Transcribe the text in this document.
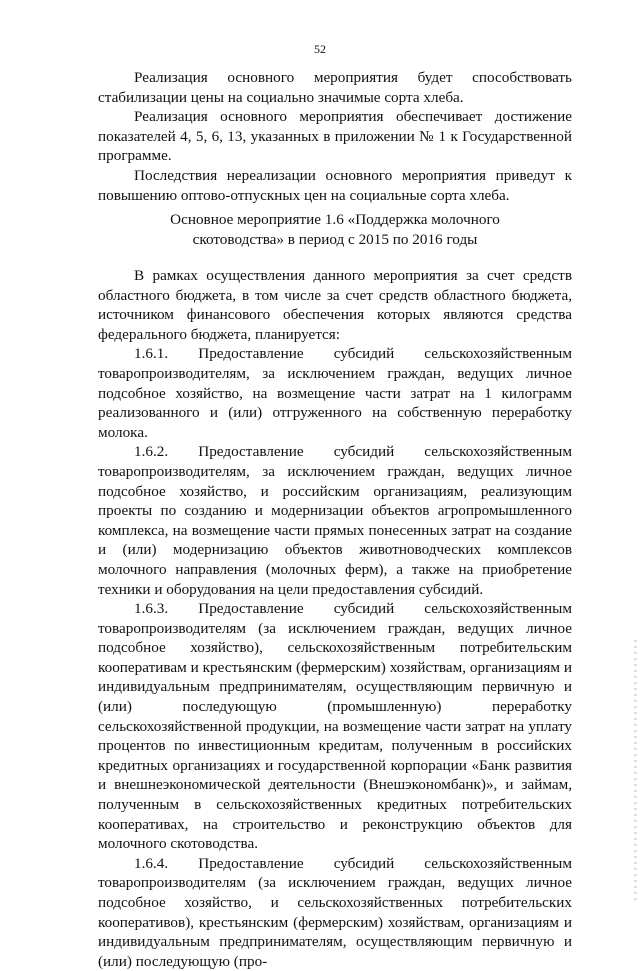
52

Реализация основного мероприятия будет способствовать стабилизации цены на социально значимые сорта хлеба.

Реализация основного мероприятия обеспечивает достижение показателей 4, 5, 6, 13, указанных в приложении № 1 к Государственной программе.

Последствия нереализации основного мероприятия приведут к повышению оптово-отпускных цен на социальные сорта хлеба.

Основное мероприятие 1.6 «Поддержка молочного
скотоводства» в период с 2015 по 2016 годы

В рамках осуществления данного мероприятия за счет средств областного бюджета, в том числе за счет средств областного бюджета, источником финансового обеспечения которых являются средства федерального бюджета, планируется:

1.6.1. Предоставление субсидий сельскохозяйственным товаропроизводителям, за исключением граждан, ведущих личное подсобное хозяйство, на возмещение части затрат на 1 килограмм реализованного и (или) отгруженного на собственную переработку молока.

1.6.2. Предоставление субсидий сельскохозяйственным товаропроизводителям, за исключением граждан, ведущих личное подсобное хозяйство, и российским организациям, реализующим проекты по созданию и модернизации объектов агропромышленного комплекса, на возмещение части прямых понесенных затрат на создание и (или) модернизацию объектов животноводческих комплексов молочного направления (молочных ферм), а также на приобретение техники и оборудования на цели предоставления субсидий.

1.6.3. Предоставление субсидий сельскохозяйственным товаропроизводителям (за исключением граждан, ведущих личное подсобное хозяйство), сельскохозяйственным потребительским кооперативам и крестьянским (фермерским) хозяйствам, организациям и индивидуальным предпринимателям, осуществляющим первичную и (или) последующую (промышленную) переработку сельскохозяйственной продукции, на возмещение части затрат на уплату процентов по инвестиционным кредитам, полученным в российских кредитных организациях и государственной корпорации «Банк развития и внешнеэкономической деятельности (Внешэкономбанк)», и займам, полученным в сельскохозяйственных кредитных потребительских кооперативах, на строительство и реконструкцию объектов для молочного скотоводства.

1.6.4. Предоставление субсидий сельскохозяйственным товаропроизводителям (за исключением граждан, ведущих личное подсобное хозяйство, и сельскохозяйственных потребительских кооперативов), крестьянским (фермерским) хозяйствам, организациям и индивидуальным предпринимателям, осуществляющим первичную и (или) последующую (про-
